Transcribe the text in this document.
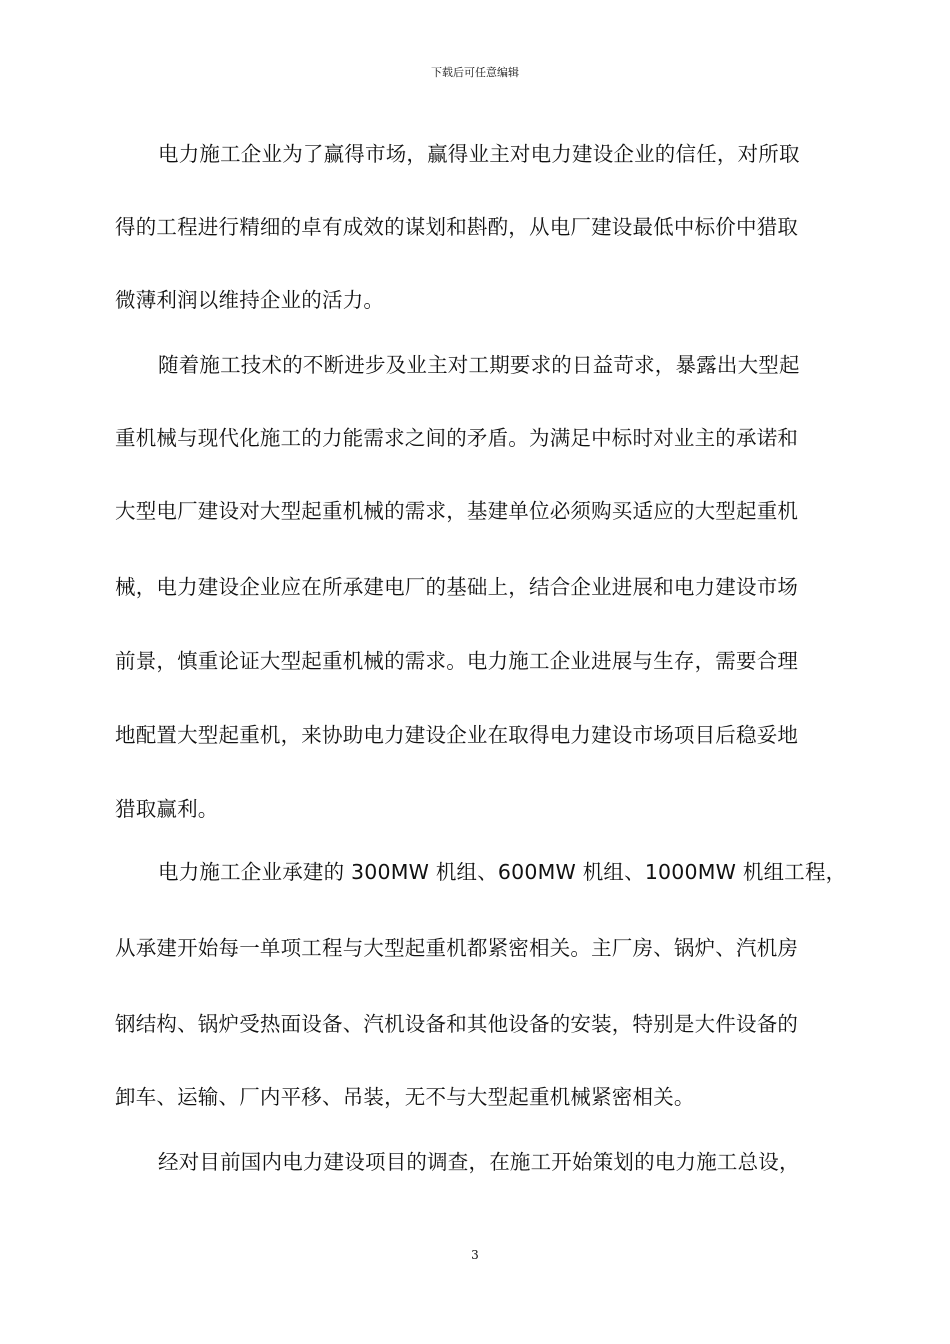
下载后可任意编辑
电力施工企业为了赢得市场，赢得业主对电力建设企业的信任，对所取
得的工程进行精细的卓有成效的谋划和斟酌，从电厂建设最低中标价中猎取
微薄利润以维持企业的活力。
随着施工技术的不断进步及业主对工期要求的日益苛求，暴露出大型起
重机械与现代化施工的力能需求之间的矛盾。为满足中标时对业主的承诺和
大型电厂建设对大型起重机械的需求，基建单位必须购买适应的大型起重机
械，电力建设企业应在所承建电厂的基础上，结合企业进展和电力建设市场
前景，慎重论证大型起重机械的需求。电力施工企业进展与生存，需要合理
地配置大型起重机，来协助电力建设企业在取得电力建设市场项目后稳妥地
猎取赢利。
电力施工企业承建的 300MW 机组、600MW 机组、1000MW 机组工程，
从承建开始每一单项工程与大型起重机都紧密相关。主厂房、锅炉、汽机房
钢结构、锅炉受热面设备、汽机设备和其他设备的安装，特别是大件设备的
卸车、运输、厂内平移、吊装，无不与大型起重机械紧密相关。
经对目前国内电力建设项目的调查，在施工开始策划的电力施工总设，
3
